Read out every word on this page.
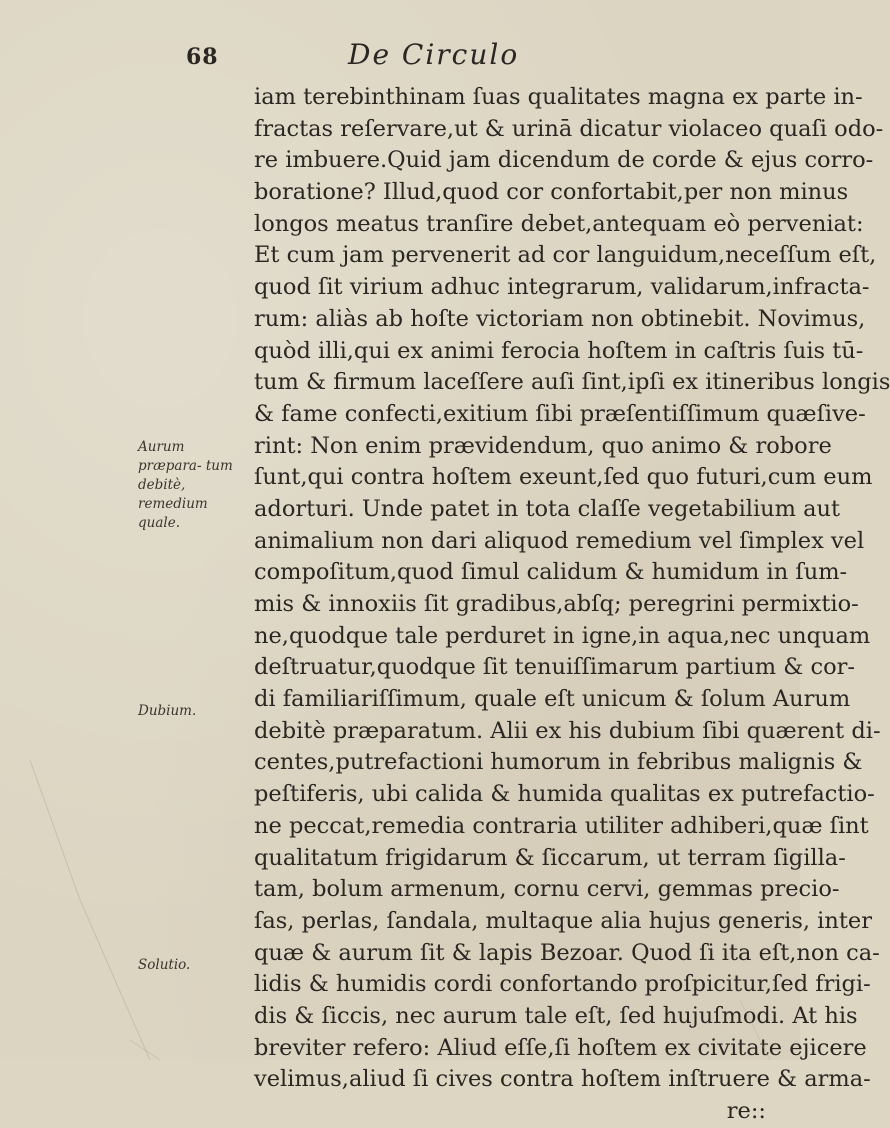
68	De Circulo
iam terebinthinam ſuas qualitates magna ex parte in-
fractas reſervare,ut & urinā dicatur violaceo quaſi odo-
re imbuere.Quid jam dicendum de corde & ejus corro-
boratione? Illud,quod cor confortabit,per non minus
longos meatus tranſire debet,antequam eò perveniat:
Et cum jam pervenerit ad cor languidum,neceſſum eſt,
quod ſit virium adhuc integrarum, validarum,infracta-
rum: aliàs ab hoſte victoriam non obtinebit. Novimus,
quòd illi,qui ex animi ferocia hoſtem in caſtris ſuis tū-
tum & firmum laceſſere auſi ſint,ipſi ex itineribus longis
& fame confecti,exitium ſibi præſentiſſimum quæſive-
rint: Non enim prævidendum, quo animo & robore
ſunt,qui contra hoſtem exeunt,ſed quo futuri,cum eum
adorturi. Unde patet in tota claſſe vegetabilium aut
animalium non dari aliquod remedium vel ſimplex vel
compoſitum,quod ſimul calidum & humidum in ſum-
mis & innoxiis ſit gradibus,abſq; peregrini permixtio-
ne,quodque tale perduret in igne,in aqua,nec unquam
deſtruatur,quodque ſit tenuiſſimarum partium & cor-
di familiariſſimum, quale eſt unicum & ſolum Aurum
debitè præparatum. Alii ex his dubium ſibi quærent di-
centes,putrefactioni humorum in febribus malignis &
peſtiferis, ubi calida & humida qualitas ex putrefactio-
ne peccat,remedia contraria utiliter adhiberi,quæ ſint
qualitatum frigidarum & ſiccarum, ut terram ſigilla-
tam, bolum armenum, cornu cervi, gemmas precio-
ſas, perlas, ſandala, multaque alia hujus generis, inter
quæ & aurum ſit & lapis Bezoar. Quod ſi ita eſt,non ca-
lidis & humidis cordi confortando proſpicitur,ſed frigi-
dis & ſiccis, nec aurum tale eſt, ſed hujuſmodi. At his
breviter refero: Aliud eſſe,ſi hoſtem ex civitate ejicere
velimus,aliud ſi cives contra hoſtem inſtruere & arma-
re::
Aurum præpara- tum debitè, remedium quale.
Dubium.
Solutio.
